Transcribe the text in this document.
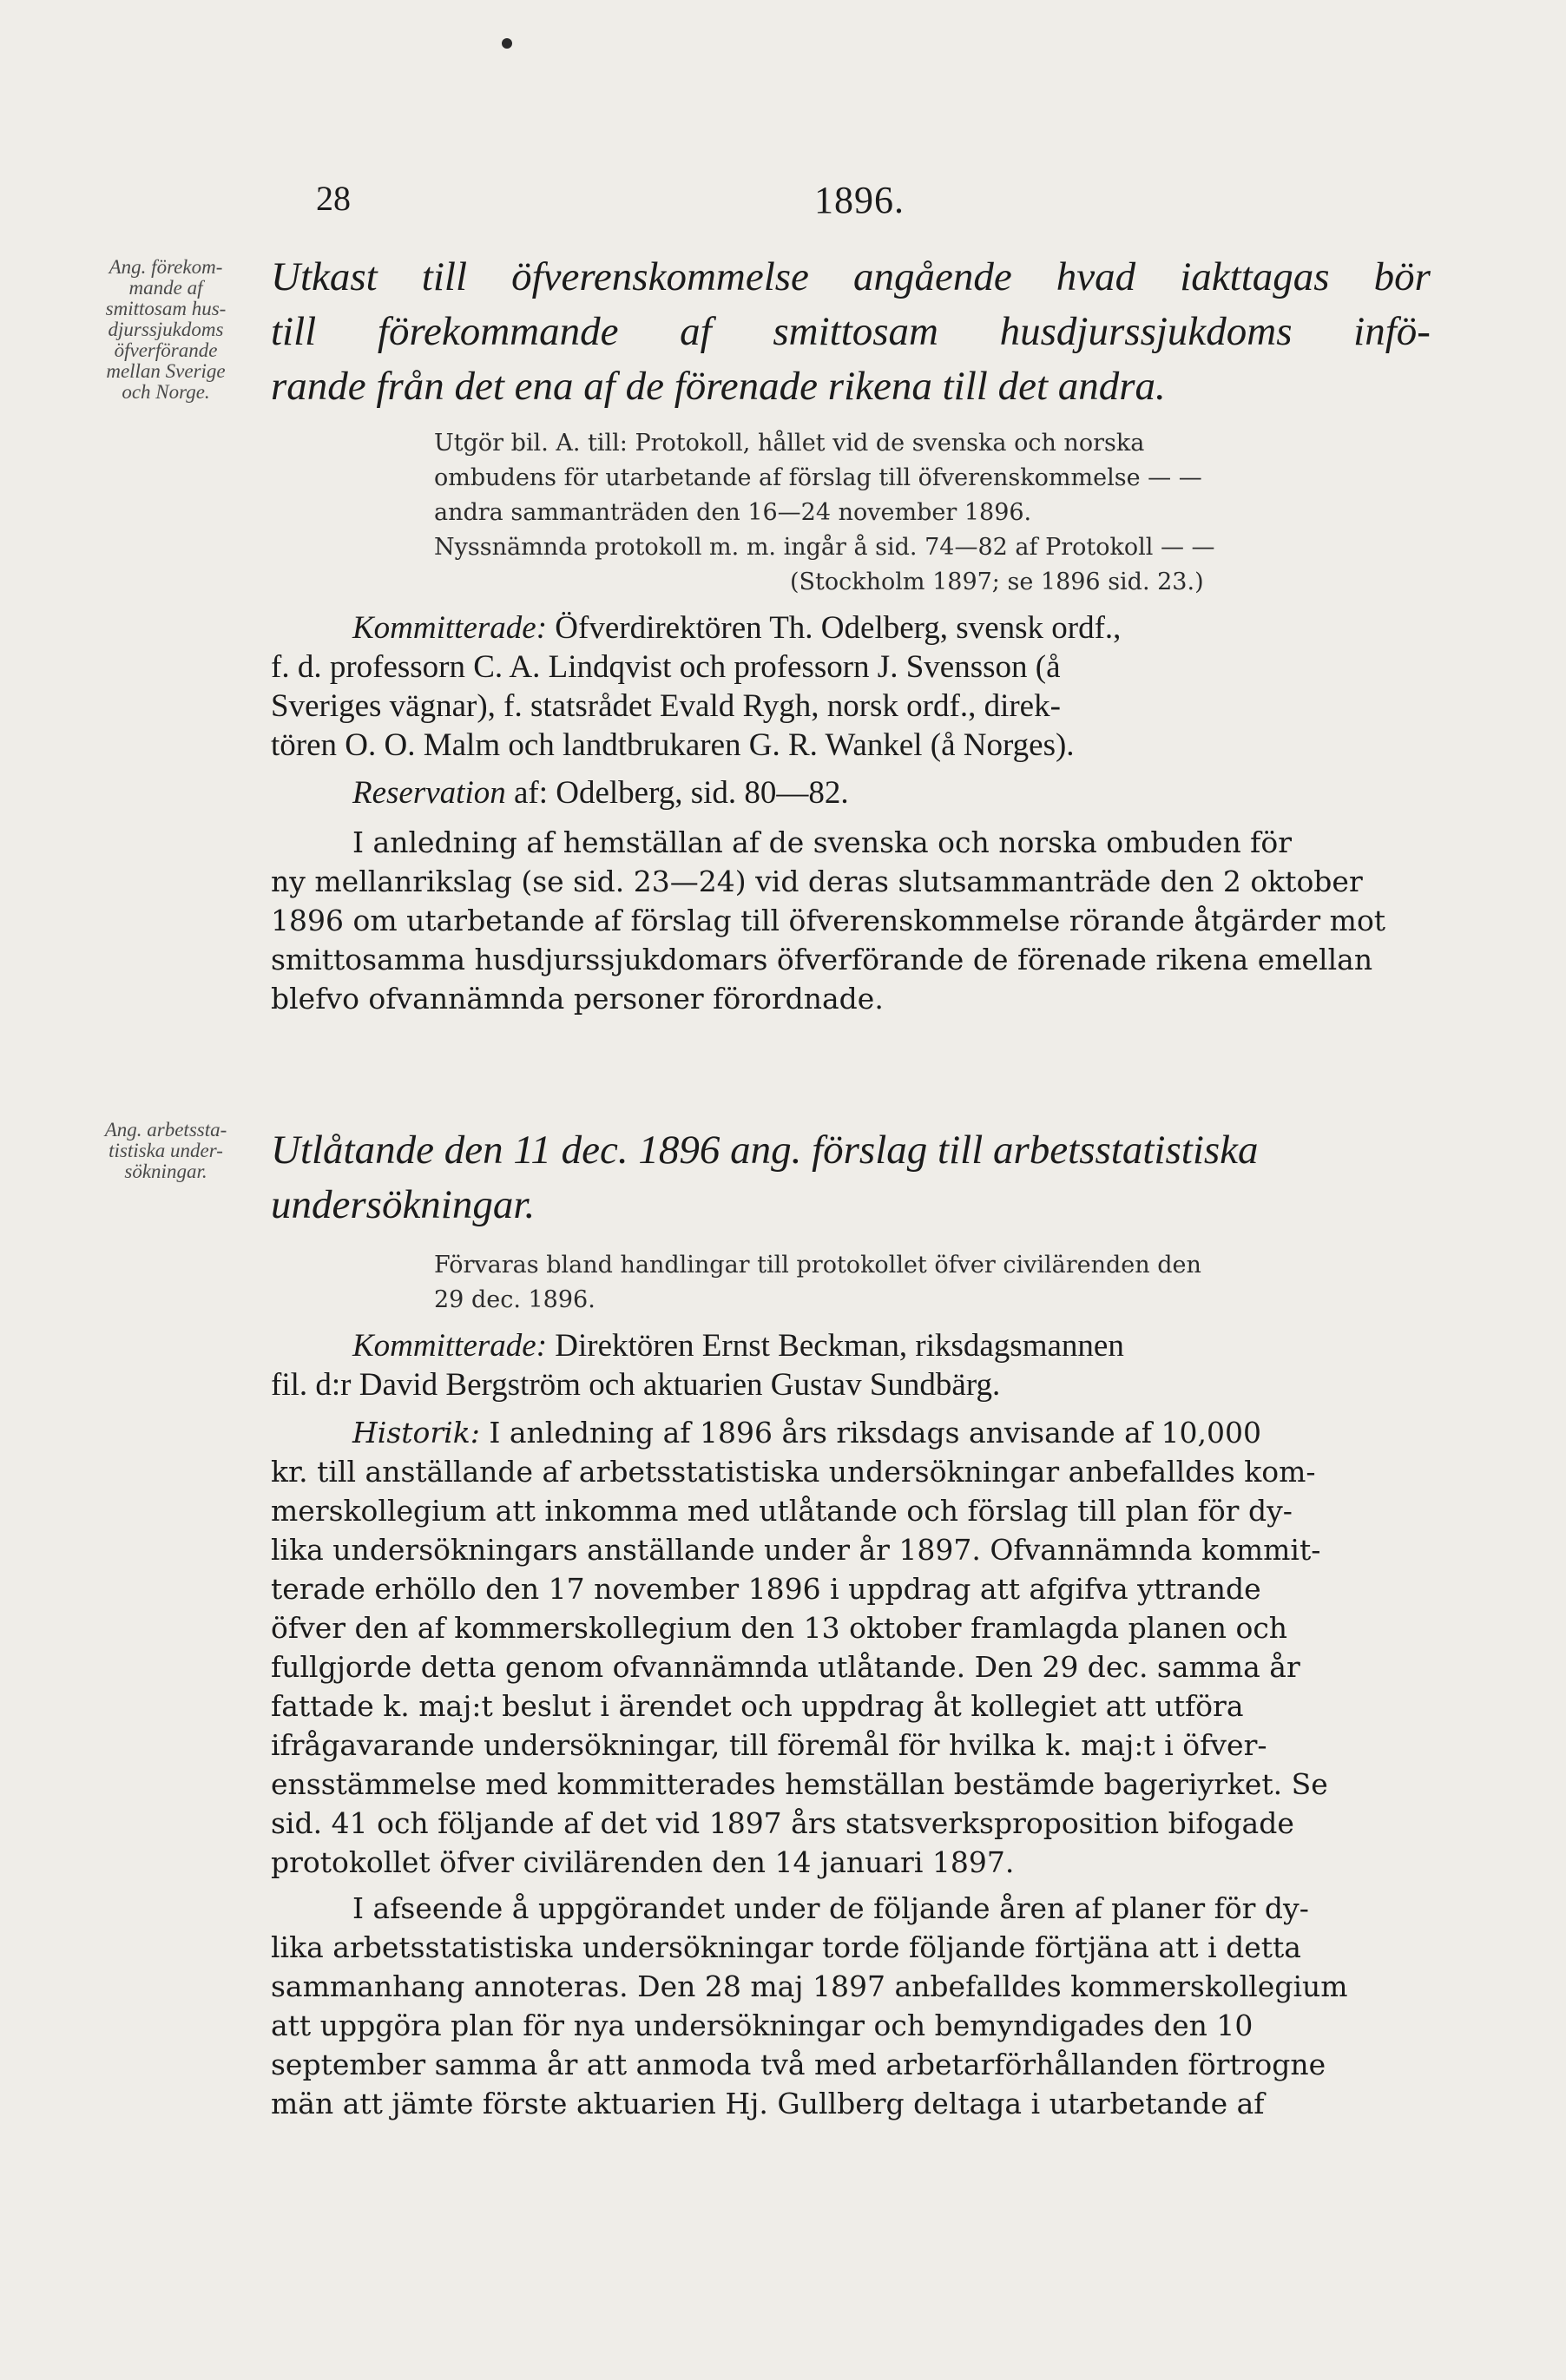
28	1896.
Ang. förekom-
mande af
smittosam hus-
djurssjukdoms
öfverförande
mellan Sverige
och Norge.
Utkast till öfverenskommelse angående hvad iakttagas bör
till förekommande af smittosam husdjurssjukdoms infö-
rande från det ena af de förenade rikena till det andra.
Utgör bil. A. till: Protokoll, hållet vid de svenska och norska
ombudens för utarbetande af förslag till öfverenskommelse — —
andra sammanträden den 16—24 november 1896.
Nyssnämnda protokoll m. m. ingår å sid. 74—82 af Protokoll — —
(Stockholm 1897; se 1896 sid. 23.)
Kommitterade: Öfverdirektören Th. Odelberg, svensk ordf.,
f. d. professorn C. A. Lindqvist och professorn J. Svensson (å
Sveriges vägnar), f. statsrådet Evald Rygh, norsk ordf., direk-
tören O. O. Malm och landtbrukaren G. R. Wankel (å Norges).
Reservation af: Odelberg, sid. 80—82.
I anledning af hemställan af de svenska och norska ombuden för
ny mellanrikslag (se sid. 23—24) vid deras slutsammanträde den 2 oktober
1896 om utarbetande af förslag till öfverenskommelse rörande åtgärder mot
smittosamma husdjurssjukdomars öfverförande de förenade rikena emellan
blefvo ofvannämnda personer förordnade.
Ang. arbetssta-
tistiska under-
sökningar.	Utlåtande den 11 dec. 1896 ang. förslag till arbetsstatistiska
undersökningar.
Förvaras bland handlingar till protokollet öfver civilärenden den
29 dec. 1896.
Kommitterade: Direktören Ernst Beckman, riksdagsmannen
fil. d:r David Bergström och aktuarien Gustav Sundbärg.
Historik: I anledning af 1896 års riksdags anvisande af 10,000
kr. till anställande af arbetsstatistiska undersökningar anbefalldes kom-
merskollegium att inkomma med utlåtande och förslag till plan för dy-
lika undersökningars anställande under år 1897. Ofvannämnda kommit-
terade erhöllo den 17 november 1896 i uppdrag att afgifva yttrande
öfver den af kommerskollegium den 13 oktober framlagda planen och
fullgjorde detta genom ofvannämnda utlåtande. Den 29 dec. samma år
fattade k. maj:t beslut i ärendet och uppdrag åt kollegiet att utföra
ifrågavarande undersökningar, till föremål för hvilka k. maj:t i öfver-
ensstämmelse med kommitterades hemställan bestämde bageriyrket. Se
sid. 41 och följande af det vid 1897 års statsverksproposition bifogade
protokollet öfver civilärenden den 14 januari 1897.
I afseende å uppgörandet under de följande åren af planer för dy-
lika arbetsstatistiska undersökningar torde följande förtjäna att i detta
sammanhang annoteras. Den 28 maj 1897 anbefalldes kommerskollegium
att uppgöra plan för nya undersökningar och bemyndigades den 10
september samma år att anmoda två med arbetarförhållanden förtrogne
män att jämte förste aktuarien Hj. Gullberg deltaga i utarbetande af
